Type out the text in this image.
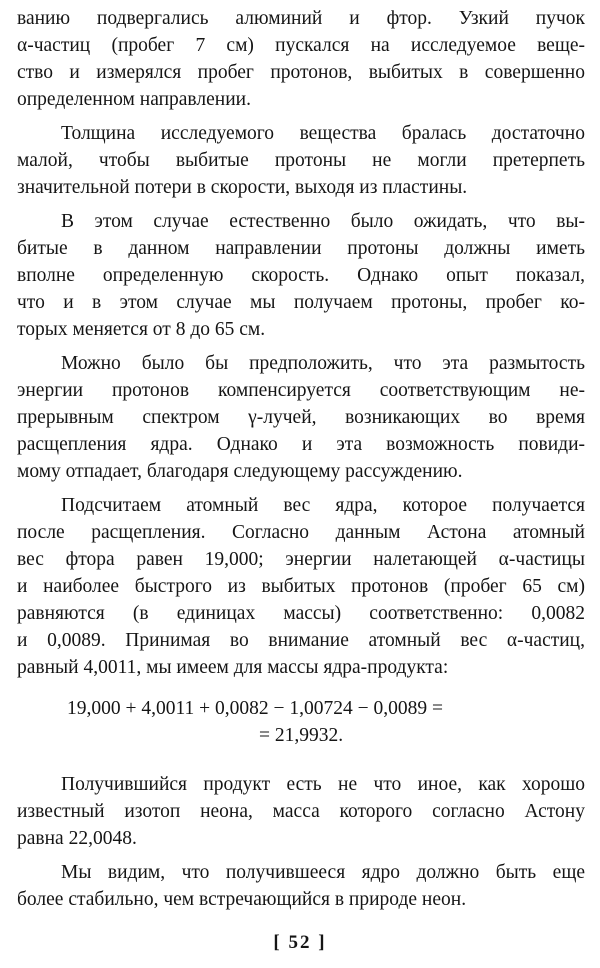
ванию подвергались алюминий и фтор. Узкий пучок
α-частиц (пробег 7 см) пускался на исследуемое веще-
ство и измерялся пробег протонов, выбитых в совершенно
определенном направлении.
Толщина исследуемого вещества бралась достаточно
малой, чтобы выбитые протоны не могли претерпеть
значительной потери в скорости, выходя из пластины.
В этом случае естественно было ожидать, что вы-
битые в данном направлении протоны должны иметь
вполне определенную скорость. Однако опыт показал,
что и в этом случае мы получаем протоны, пробег ко-
торых меняется от 8 до 65 см.
Можно было бы предположить, что эта размытость
энергии протонов компенсируется соответствующим не-
прерывным спектром γ-лучей, возникающих во время
расщепления ядра. Однако и эта возможность повиди-
мому отпадает, благодаря следующему рассуждению.
Подсчитаем атомный вес ядра, которое получается
после расщепления. Согласно данным Астона атомный
вес фтора равен 19,000; энергии налетающей α-частицы
и наиболее быстрого из выбитых протонов (пробег 65 см)
равняются (в единицах массы) соответственно: 0,0082
и 0,0089. Принимая во внимание атомный вес α-частиц,
равный 4,0011, мы имеем для массы ядра-продукта:
19,000 + 4,0011 + 0,0082 − 1,00724 − 0,0089 =
= 21,9932.
Получившийся продукт есть не что иное, как хорошо
известный изотоп неона, масса которого согласно Астону
равна 22,0048.
Мы видим, что получившееся ядро должно быть еще
более стабильно, чем встречающийся в природе неон.
[ 52 ]
